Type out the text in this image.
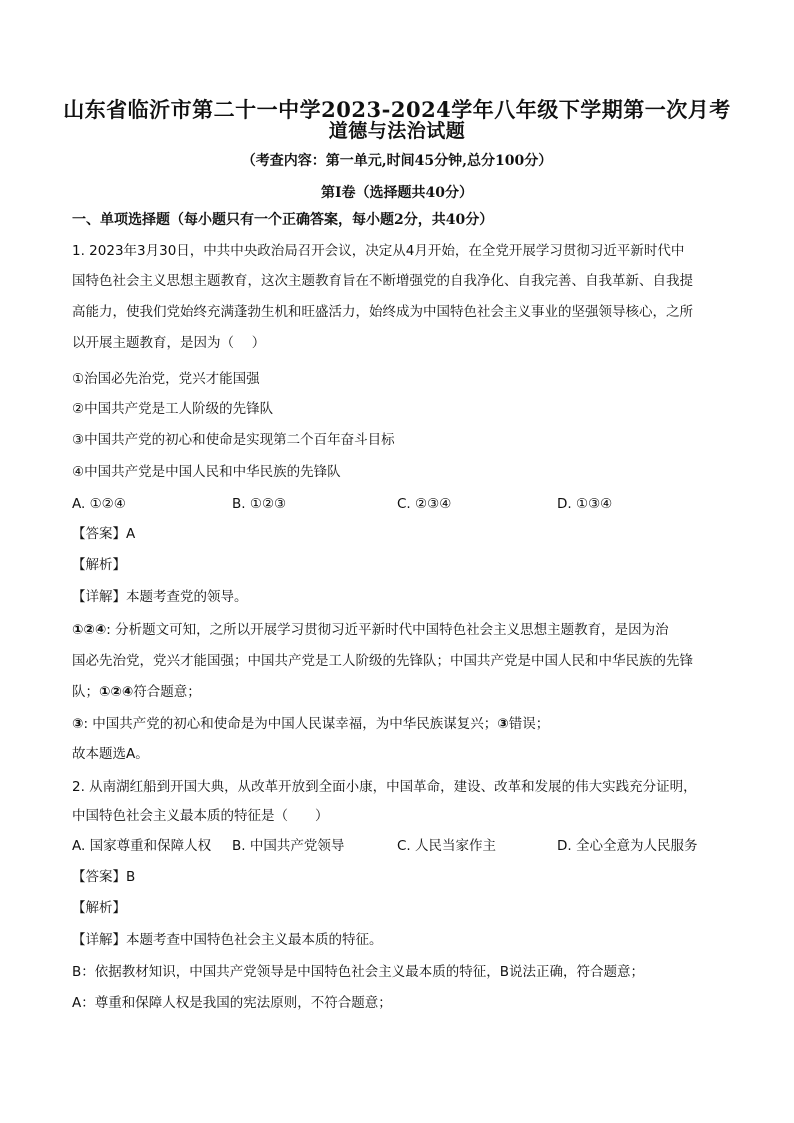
山东省临沂市第二十一中学2023-2024学年八年级下学期第一次月考
道德与法治试题
（考查内容：第一单元,时间45分钟,总分100分）
第Ⅰ卷（选择题共40分）
一、单项选择题（每小题只有一个正确答案，每小题2分，共40分）
1. 2023年3月30日，中共中央政治局召开会议，决定从4月开始，在全党开展学习贯彻习近平新时代中
国特色社会主义思想主题教育，这次主题教育旨在不断增强党的自我净化、自我完善、自我革新、自我提
高能力，使我们党始终充满蓬勃生机和旺盛活力，始终成为中国特色社会主义事业的坚强领导核心，之所
以开展主题教育，是因为（　 ）
①治国必先治党，党兴才能国强
②中国共产党是工人阶级的先锋队
③中国共产党的初心和使命是实现第二个百年奋斗目标
④中国共产党是中国人民和中华民族的先锋队
A. ①②④	B. ①②③	C. ②③④	D. ①③④
【答案】A
【解析】
【详解】本题考查党的领导。
①②④: 分析题文可知，之所以开展学习贯彻习近平新时代中国特色社会主义思想主题教育，是因为治
国必先治党，党兴才能国强；中国共产党是工人阶级的先锋队；中国共产党是中国人民和中华民族的先锋
队；①②④符合题意；
③: 中国共产党的初心和使命是为中国人民谋幸福，为中华民族谋复兴；③错误；
故本题选A。
2. 从南湖红船到开国大典，从改革开放到全面小康，中国革命，建设、改革和发展的伟大实践充分证明，
中国特色社会主义最本质的特征是（　　）
A. 国家尊重和保障人权 B. 中国共产党领导	C. 人民当家作主	D. 全心全意为人民服务
【答案】B
【解析】
【详解】本题考查中国特色社会主义最本质的特征。
B：依据教材知识，中国共产党领导是中国特色社会主义最本质的特征，B说法正确，符合题意；
A：尊重和保障人权是我国的宪法原则，不符合题意；
